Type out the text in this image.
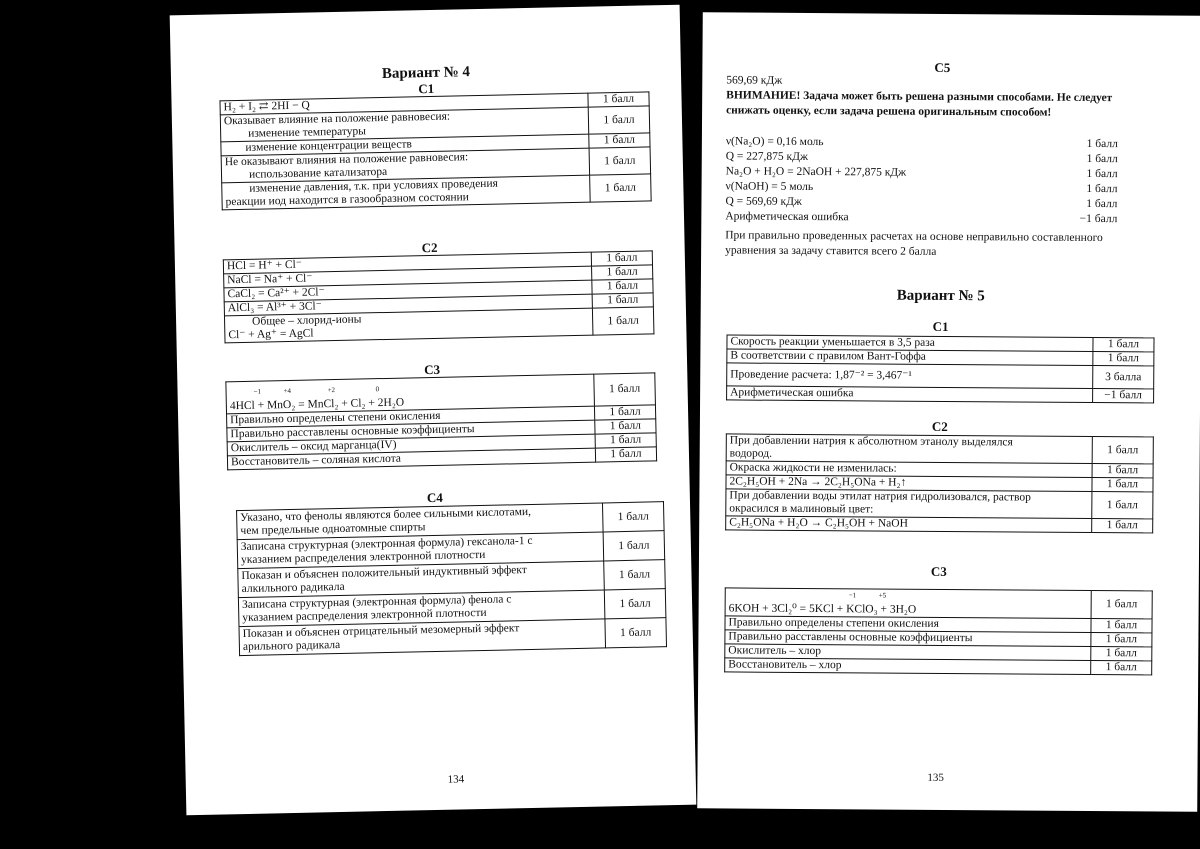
Вариант № 4
C1
H₂ + I₂ ⇄ 2HI − Q	1 балл

Оказывает влияние на положение равновесия:
изменение температуры	1 балл
изменение концентрации веществ	1 балл

Не оказывают влияния на положение равновесия:
использование катализатора	1 балл

изменение давления, т.к. при условиях проведения
реакции иод находится в газообразном состоянии	1 балл
C2
HCl = H⁺ + Cl⁻	1 балл
NaCl = Na⁺ + Cl⁻	1 балл
CaCl₂ = Ca²⁺ + 2Cl⁻	1 балл
AlCl₃ = Al³⁺ + 3Cl⁻	1 балл

Общее – хлорид-ионы
Cl⁻ + Ag⁺ = AgCl	1 балл
C3
−1 +4 +2 0
4HCl + MnO₂ = MnCl₂ + Cl₂ + 2H₂O	1 балл
Правильно определены степени окисления	1 балл
Правильно расставлены основные коэффициенты	1 балл
Окислитель – оксид марганца(IV)	1 балл
Восстановитель – соляная кислота	1 балл
C4
Указано, что фенолы являются более сильными кислотами,
чем предельные одноатомные спирты	1 балл

Записана структурная (электронная формула) гексанола-1 с
указанием распределения электронной плотности	1 балл

Показан и объяснен положительный индуктивный эффект
алкильного радикала	1 балл

Записана структурная (электронная формула) фенола с
указанием распределения электронной плотности	1 балл

Показан и объяснен отрицательный мезомерный эффект
арильного радикала	1 балл
134
C5
569,69 кДж
ВНИМАНИЕ! Задача может быть решена разными способами. Не следует снижать оценку, если задача решена оригинальным способом!
ν(Na₂O) = 0,16 моль	1 балл
Q = 227,875 кДж	1 балл
Na₂O + H₂O = 2NaOH + 227,875 кДж	1 балл
ν(NaOH) = 5 моль	1 балл
Q = 569,69 кДж	1 балл
Арифметическая ошибка	−1 балл
При правильно проведенных расчетах на основе неправильно составленного уравнения за задачу ставится всего 2 балла
Вариант № 5
C1
Скорость реакции уменьшается в 3,5 раза	1 балл
В соответствии с правилом Вант-Гоффа	1 балл
Проведение расчета: 1,87⁻² = 3,467⁻¹	3 балла
Арифметическая ошибка	−1 балл
C2
При добавлении натрия к абсолютном этанолу выделялся
водород.	1 балл
Окраска жидкости не изменилась:	1 балл
2C₂H₅OH + 2Na → 2C₂H₅ONa + H₂↑	1 балл

При добавлении воды этилат натрия гидролизовался, раствор
окрасился в малиновый цвет:	1 балл
C₂H₅ONa + H₂O → C₂H₅OH + NaOH	1 балл
C3
−1 +5
6KOH + 3Cl₂⁰ = 5KCl + KClO₃ + 3H₂O	1 балл
Правильно определены степени окисления	1 балл
Правильно расставлены основные коэффициенты	1 балл
Окислитель – хлор	1 балл
Восстановитель – хлор	1 балл
135
